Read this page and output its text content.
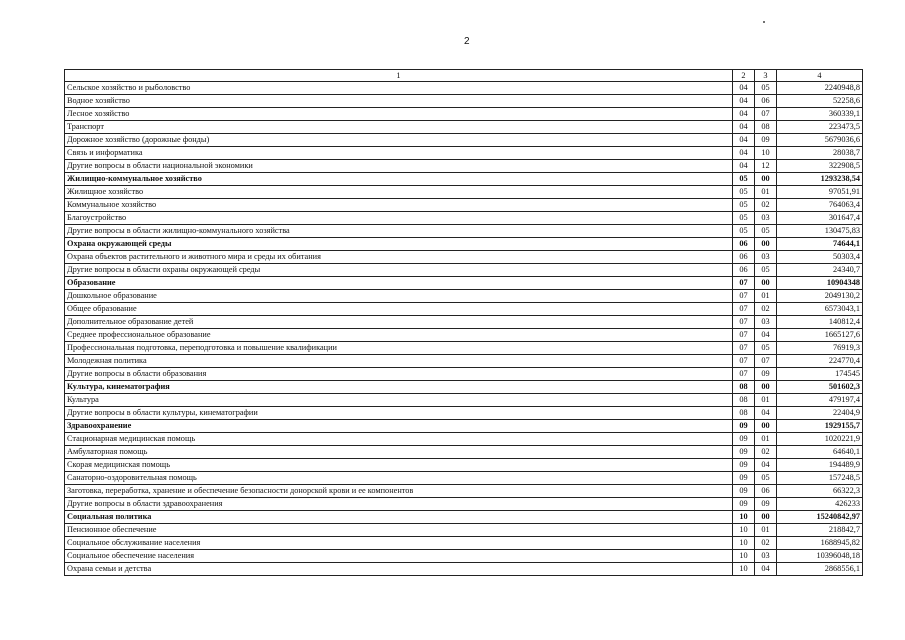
2
1	2	3	4
Сельское хозяйство и рыболовство	04	05	2240948,8
Водное хозяйство	04	06	52258,6
Лесное хозяйство	04	07	360339,1
Транспорт	04	08	223473,5
Дорожное хозяйство (дорожные фонды)	04	09	5679036,6
Связь и информатика	04	10	28038,7
Другие вопросы в области национальной экономики	04	12	322908,5
Жилищно-коммунальное хозяйство	05	00	1293238,54
Жилищное хозяйство	05	01	97051,91
Коммунальное хозяйство	05	02	764063,4
Благоустройство	05	03	301647,4
Другие вопросы в области жилищно-коммунального хозяйства	05	05	130475,83
Охрана окружающей среды	06	00	74644,1
Охрана объектов растительного и животного мира и среды их обитания	06	03	50303,4
Другие вопросы в области охраны окружающей среды	06	05	24340,7
Образование	07	00	10904348
Дошкольное образование	07	01	2049130,2
Общее образование	07	02	6573043,1
Дополнительное образование детей	07	03	140812,4
Среднее профессиональное образование	07	04	1665127,6
Профессиональная подготовка, переподготовка и повышение квалификации	07	05	76919,3
Молодежная политика	07	07	224770,4
Другие вопросы в области образования	07	09	174545
Культура, кинематография	08	00	501602,3
Культура	08	01	479197,4
Другие вопросы в области культуры, кинематографии	08	04	22404,9
Здравоохранение	09	00	1929155,7
Стационарная медицинская помощь	09	01	1020221,9
Амбулаторная помощь	09	02	64640,1
Скорая медицинская помощь	09	04	194489,9
Санаторно-оздоровительная помощь	09	05	157248,5
Заготовка, переработка, хранение и обеспечение безопасности донорской крови и ее компонентов	09	06	66322,3
Другие вопросы в области здравоохранения	09	09	426233
Социальная политика	10	00	15240842,97
Пенсионное обеспечение	10	01	218842,7
Социальное обслуживание населения	10	02	1688945,82
Социальное обеспечение населения	10	03	10396048,18
Охрана семьи и детства	10	04	2868556,1
